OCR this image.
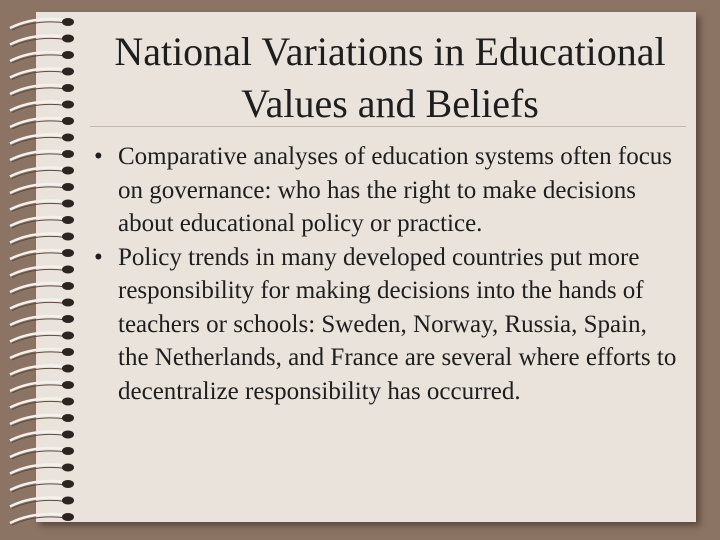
National Variations in Educational Values and Beliefs
• Comparative analyses of education systems often focus on governance: who has the right to make decisions about educational policy or practice.
• Policy trends in many developed countries put more responsibility for making decisions into the hands of teachers or schools: Sweden, Norway, Russia, Spain, the Netherlands, and France are several where efforts to decentralize responsibility has occurred.
